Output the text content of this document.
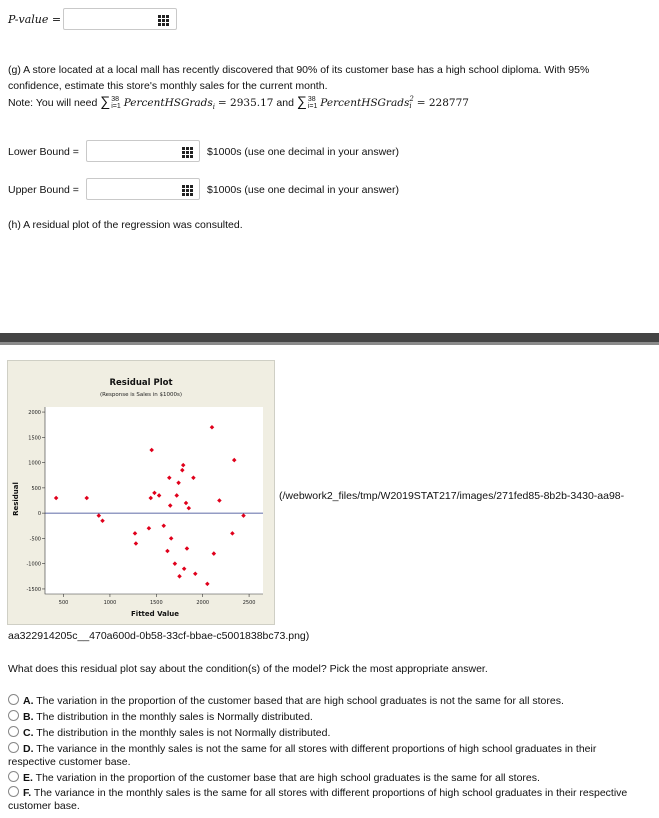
P-value =
(g) A store located at a local mall has recently discovered that 90% of its customer base has a high school diploma. With 95%
confidence, estimate this store's monthly sales for the current month.
Note: You will need ∑ 38
i=1 PercentHSGrads$_i$ = 2935.17 and ∑ 38
i=1 PercentHSGrads 2
i = 228777
Lower Bound =	$1000s (use one decimal in your answer)
Upper Bound =	$1000s (use one decimal in your answer)
(h) A residual plot of the regression was consulted.
Residual Plot
(Response is Sales in $1000s)
Fitted Value
Residual
-1500
-1000
-500
0
500
1000
1500
2000
500	1000	1500	2000	2500
(/webwork2_files/tmp/W2019STAT217/images/271fed85-8b2b-3430-aa98-
aa322914205c__470a600d-0b58-33cf-bbae-c5001838bc73.png)
What does this residual plot say about the condition(s) of the model? Pick the most appropriate answer.
A. The variation in the proportion of the customer based that are high school graduates is not the same for all stores.
B. The distribution in the monthly sales is Normally distributed.
C. The distribution in the monthly sales is not Normally distributed.
D. The variance in the monthly sales is not the same for all stores with different proportions of high school graduates in their
respective customer base.
E. The variation in the proportion of the customer base that are high school graduates is the same for all stores.
F. The variance in the monthly sales is the same for all stores with different proportions of high school graduates in their respective
customer base.
